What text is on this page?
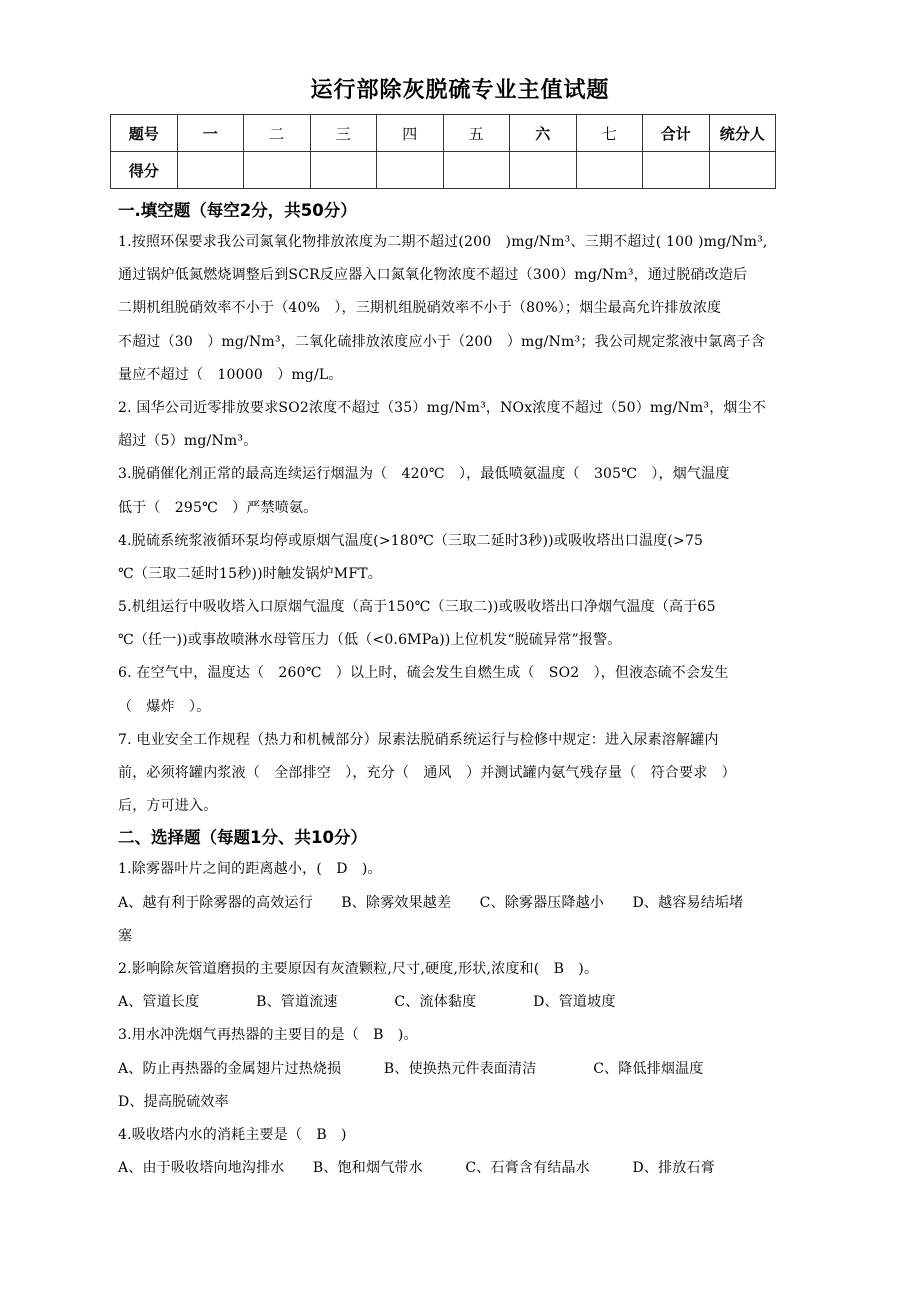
运行部除灰脱硫专业主值试题
题号	一	二	三	四	五	六	七	合计	统分人
得分									
一.填空题（每空2分，共50分）
1.按照环保要求我公司氮氧化物排放浓度为二期不超过(200　)mg/Nm³、三期不超过( 100 )mg/Nm³,
通过锅炉低氮燃烧调整后到SCR反应器入口氮氧化物浓度不超过（300）mg/Nm³，通过脱硝改造后
二期机组脱硝效率不小于（40%　），三期机组脱硝效率不小于（80%）；烟尘最高允许排放浓度
不超过（30　）mg/Nm³，二氧化硫排放浓度应小于（200　）mg/Nm³；我公司规定浆液中氯离子含
量应不超过（　10000　）mg/L。
2. 国华公司近零排放要求SO2浓度不超过（35）mg/Nm³，NOx浓度不超过（50）mg/Nm³，烟尘不
超过（5）mg/Nm³。
3.脱硝催化剂正常的最高连续运行烟温为（　420℃　），最低喷氨温度（　305℃　），烟气温度
低于（　295℃　）严禁喷氨。
4.脱硫系统浆液循环泵均停或原烟气温度(>180℃（三取二延时3秒))或吸收塔出口温度(>75
℃（三取二延时15秒))时触发锅炉MFT。
5.机组运行中吸收塔入口原烟气温度（高于150℃（三取二))或吸收塔出口净烟气温度（高于65
℃（任一))或事故喷淋水母管压力（低（<0.6MPa))上位机发“脱硫异常”报警。
6. 在空气中，温度达（　260℃　）以上时，硫会发生自燃生成（　SO2　），但液态硫不会发生
（　爆炸　）。
7. 电业安全工作规程（热力和机械部分）尿素法脱硝系统运行与检修中规定：进入尿素溶解罐内
前，必须将罐内浆液（　全部排空　），充分（　通风　）并测试罐内氨气残存量（　符合要求　）
后，方可进入。
二、选择题（每题1分、共10分）
1.除雾器叶片之间的距离越小，(　D　)。
A、越有利于除雾器的高效运行　　B、除雾效果越差　　C、除雾器压降越小　　D、越容易结垢堵
塞
2.影响除灰管道磨损的主要原因有灰渣颗粒,尺寸,硬度,形状,浓度和(　B　)。
A、管道长度　　　　B、管道流速　　　　C、流体黏度　　　　D、管道坡度
3.用水冲洗烟气再热器的主要目的是（　B　)。
A、防止再热器的金属翅片过热烧损　　　B、使换热元件表面清洁　　　　C、降低排烟温度
D、提高脱硫效率
4.吸收塔内水的消耗主要是（　B　)
A、由于吸收塔向地沟排水　　B、饱和烟气带水　　　C、石膏含有结晶水　　　D、排放石膏
